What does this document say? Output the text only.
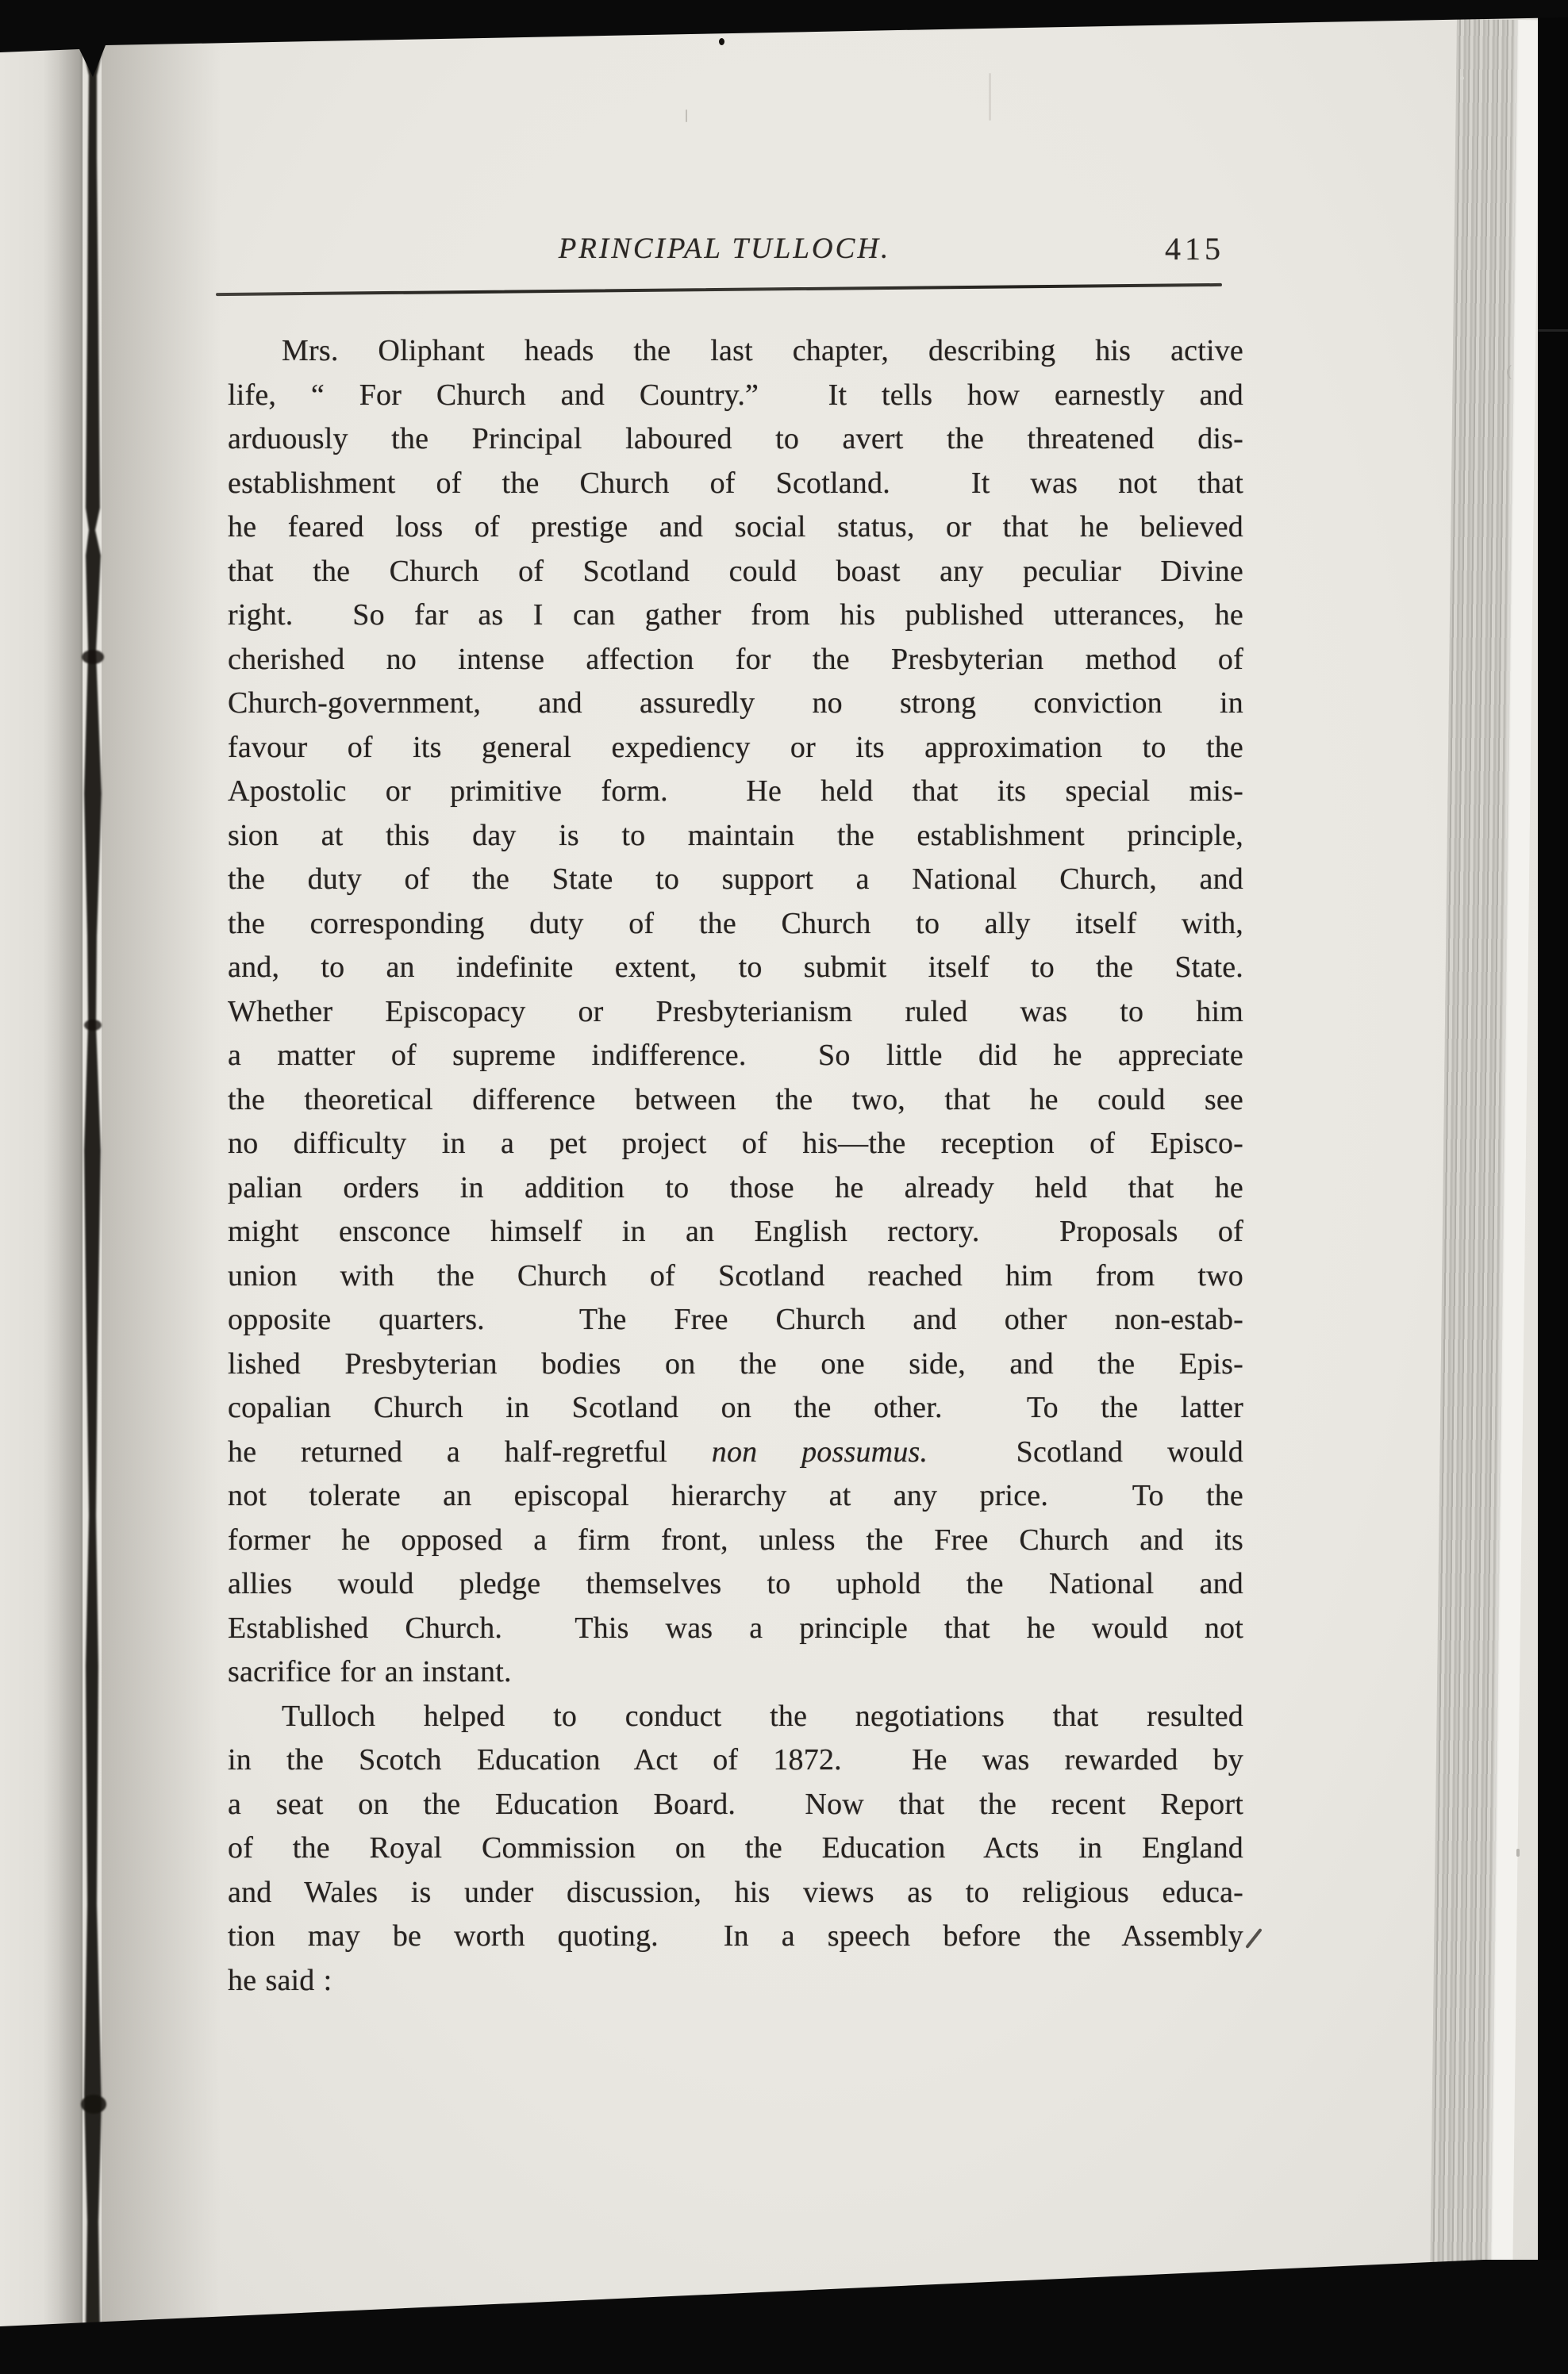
PRINCIPAL TULLOCH.	415
Mrs. Oliphant heads the last chapter, describing his active
life, “ For Church and Country.”  It tells how earnestly and
arduously the Principal laboured to avert the threatened dis-
establishment of the Church of Scotland.  It was not that
he feared loss of prestige and social status, or that he believed
that the Church of Scotland could boast any peculiar Divine
right.  So far as I can gather from his published utterances, he
cherished no intense affection for the Presbyterian method of
Church-government, and assuredly no strong conviction in
favour of its general expediency or its approximation to the
Apostolic or primitive form.  He held that its special mis-
sion at this day is to maintain the establishment principle,
the duty of the State to support a National Church, and
the corresponding duty of the Church to ally itself with,
and, to an indefinite extent, to submit itself to the State.
Whether Episcopacy or Presbyterianism ruled was to him
a matter of supreme indifference.  So little did he appreciate
the theoretical difference between the two, that he could see
no difficulty in a pet project of his—the reception of Episco-
palian orders in addition to those he already held that he
might ensconce himself in an English rectory.  Proposals of
union with the Church of Scotland reached him from two
opposite quarters.  The Free Church and other non-estab-
lished Presbyterian bodies on the one side, and the Epis-
copalian Church in Scotland on the other.  To the latter
he returned a half-regretful non possumus.  Scotland would
not tolerate an episcopal hierarchy at any price.  To the
former he opposed a firm front, unless the Free Church and its
allies would pledge themselves to uphold the National and
Established Church.  This was a principle that he would not
sacrifice for an instant.
Tulloch helped to conduct the negotiations that resulted
in the Scotch Education Act of 1872.  He was rewarded by
a seat on the Education Board.  Now that the recent Report
of the Royal Commission on the Education Acts in England
and Wales is under discussion, his views as to religious educa-
tion may be worth quoting.  In a speech before the Assembly
he said :
